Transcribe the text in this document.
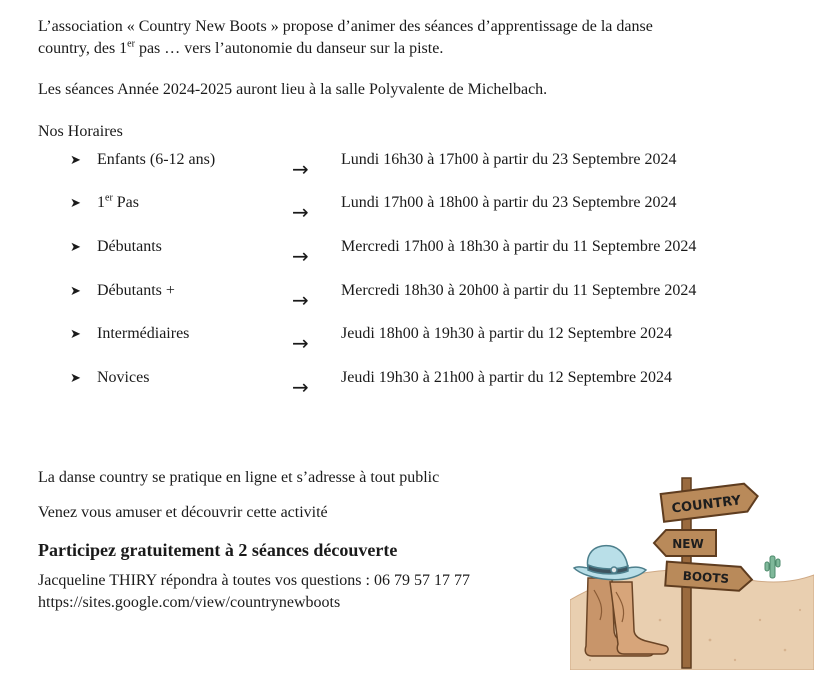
L’association « Country New Boots » propose d’animer des séances d’apprentissage de la danse
country, des 1er pas … vers l’autonomie du danseur sur la piste.

Les séances Année 2024-2025 auront lieu à la salle Polyvalente de Michelbach.

Nos Horaires

➤ Enfants (6-12 ans)	→ Lundi 16h30 à 17h00 à partir du 23 Septembre 2024
➤ 1er Pas	→ Lundi 17h00 à 18h00 à partir du 23 Septembre 2024
➤ Débutants	→ Mercredi 17h00 à 18h30 à partir du 11 Septembre 2024
➤ Débutants +	→ Mercredi 18h30 à 20h00 à partir du 11 Septembre 2024
➤ Intermédiaires	→ Jeudi 18h00 à 19h30 à partir du 12 Septembre 2024
➤ Novices	→ Jeudi 19h30 à 21h00 à partir du 12 Septembre 2024

La danse country se pratique en ligne et s’adresse à tout public

Venez vous amuser et découvrir cette activité

Participez gratuitement à 2 séances découverte

Jacqueline THIRY répondra à toutes vos questions : 06 79 57 17 77

https://sites.google.com/view/countrynewboots

COUNTRY
NEW
BOOTS
